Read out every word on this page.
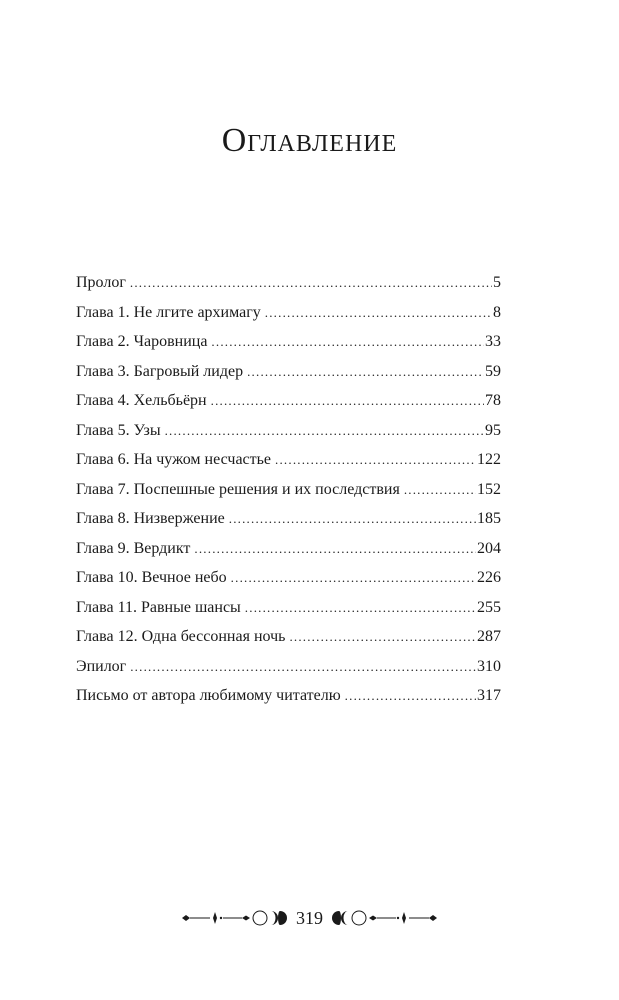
Оглавление
Пролог .....	5
Глава 1. Не лгите архимагу .....	8
Глава 2. Чаровница .....	33
Глава 3. Багровый лидер .....	59
Глава 4. Хельбьёрн .....	78
Глава 5. Узы .....	95
Глава 6. На чужом несчастье .....	122
Глава 7. Поспешные решения и их последствия .....	152
Глава 8. Низвержение .....	185
Глава 9. Вердикт .....	204
Глава 10. Вечное небо .....	226
Глава 11. Равные шансы .....	255
Глава 12. Одна бессонная ночь .....	287
Эпилог .....	310
Письмо от автора любимому читателю .....	317
319
